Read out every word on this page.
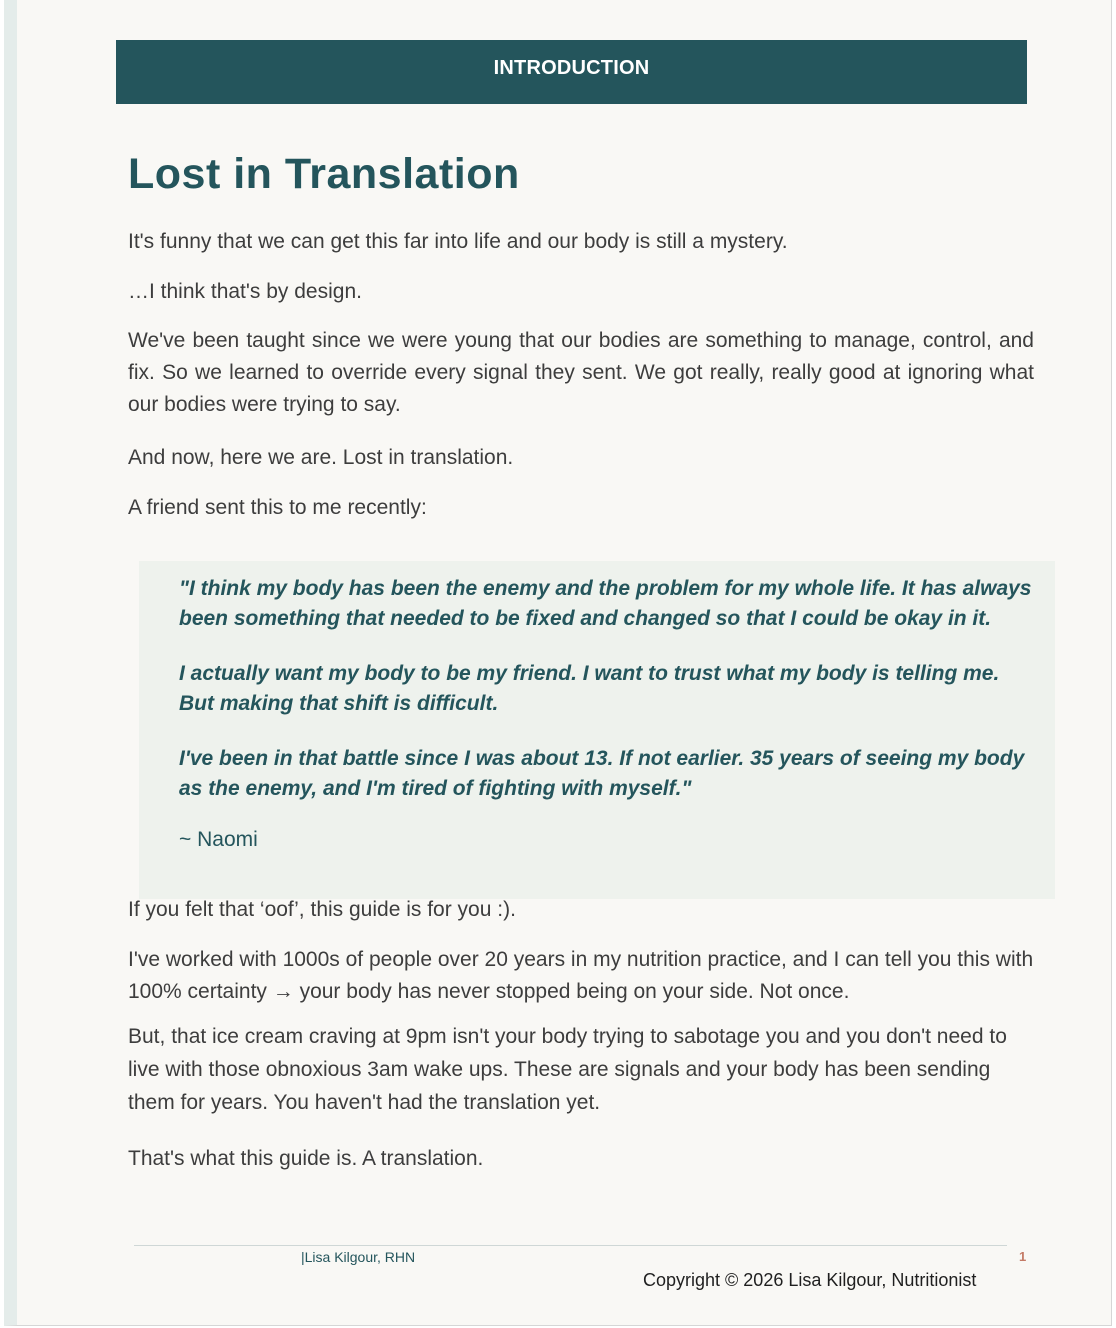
INTRODUCTION
Lost in Translation

It's funny that we can get this far into life and our body is still a mystery.

…I think that's by design.

We've been taught since we were young that our bodies are something to manage, control, and fix. So we learned to override every signal they sent. We got really, really good at ignoring what our bodies were trying to say.

And now, here we are. Lost in translation.

A friend sent this to me recently:

"I think my body has been the enemy and the problem for my whole life. It has always been something that needed to be fixed and changed so that I could be okay in it.

I actually want my body to be my friend. I want to trust what my body is telling me. But making that shift is difficult.

I've been in that battle since I was about 13. If not earlier. 35 years of seeing my body as the enemy, and I'm tired of fighting with myself."

~ Naomi

If you felt that ‘oof’, this guide is for you :).

I've worked with 1000s of people over 20 years in my nutrition practice, and I can tell you this with 100% certainty → your body has never stopped being on your side. Not once.

But, that ice cream craving at 9pm isn't your body trying to sabotage you and you don't need to live with those obnoxious 3am wake ups. These are signals and your body has been sending them for years. You haven't had the translation yet.

That's what this guide is. A translation.

|Lisa Kilgour, RHN	1
Copyright © 2026 Lisa Kilgour, Nutritionist
